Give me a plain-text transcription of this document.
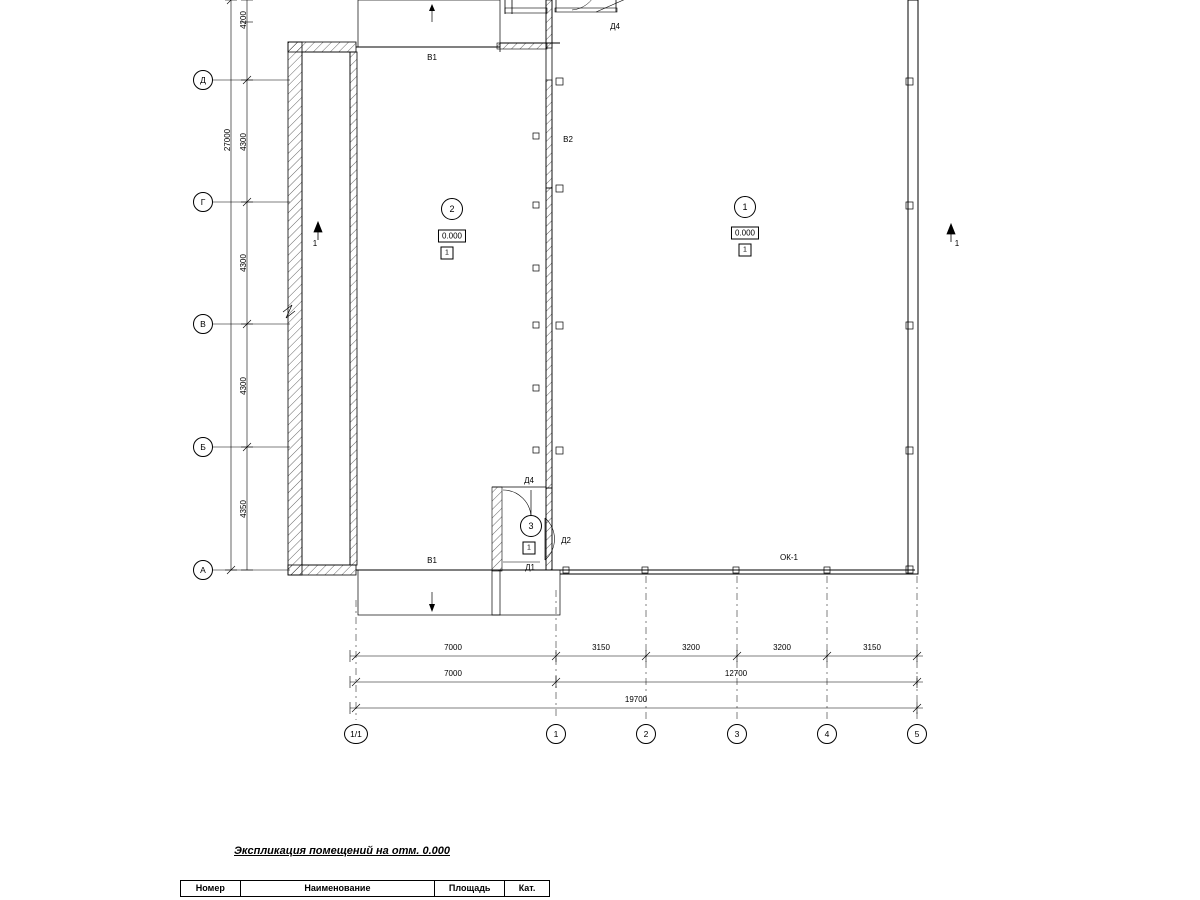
Д
Г
В
Б
А
1/1	1	2	3	4	5
4200
4300
4300
4300
4350
27000
7000	3150	3200	3200	3150
7000	12700
19700
2	1
3
0.000
1
0.000
1
1
В1
В2
В1
Д4
Д4
Д2
Д1
ОК-1
1	1
Экспликация помещений на отм. 0.000
Номер	Наименование	Площадь	Кат.
